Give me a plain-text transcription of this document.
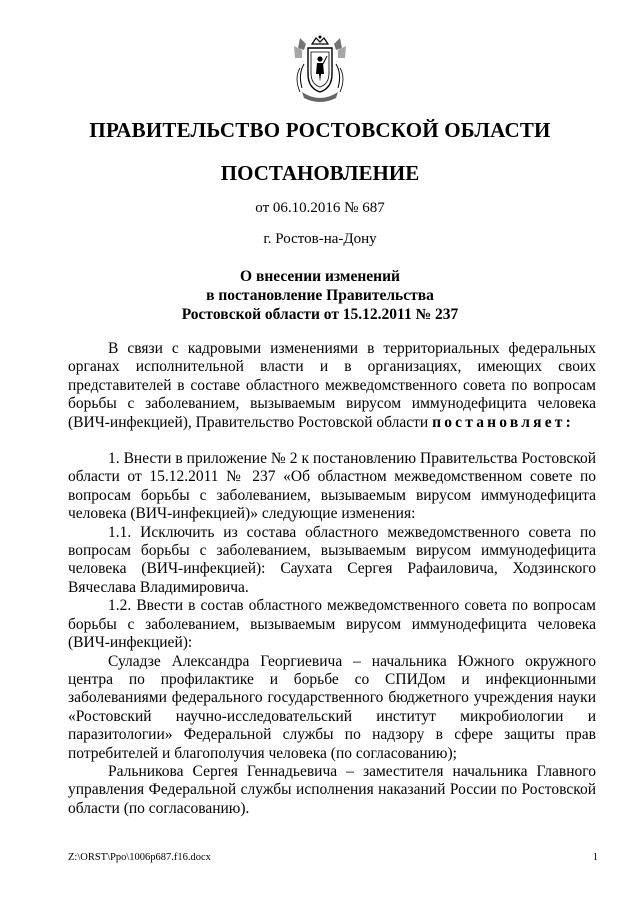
ПРАВИТЕЛЬСТВО РОСТОВСКОЙ ОБЛАСТИ
ПОСТАНОВЛЕНИЕ
от 06.10.2016 № 687
г. Ростов-на-Дону
О внесении изменений
в постановление Правительства
Ростовской области от 15.12.2011 № 237

В связи с кадровыми изменениями в территориальных федеральных органах исполнительной власти и в организациях, имеющих своих представителей в составе областного межведомственного совета по вопросам борьбы с заболеванием, вызываемым вирусом иммунодефицита человека (ВИЧ-инфекцией), Правительство Ростовской области постановляет:

1. Внести в приложение № 2 к постановлению Правительства Ростовской области от 15.12.2011 № 237 «Об областном межведомственном совете по вопросам борьбы с заболеванием, вызываемым вирусом иммунодефицита человека (ВИЧ-инфекцией)» следующие изменения:

1.1. Исключить из состава областного межведомственного совета по вопросам борьбы с заболеванием, вызываемым вирусом иммунодефицита человека (ВИЧ-инфекцией): Саухата Сергея Рафаиловича, Ходзинского Вячеслава Владимировича.

1.2. Ввести в состав областного межведомственного совета по вопросам борьбы с заболеванием, вызываемым вирусом иммунодефицита человека (ВИЧ-инфекцией):

Суладзе Александра Георгиевича – начальника Южного окружного центра по профилактике и борьбе со СПИДом и инфекционными заболеваниями федерального государственного бюджетного учреждения науки «Ростовский научно-исследовательский институт микробиологии и паразитологии» Федеральной службы по надзору в сфере защиты прав потребителей и благополучия человека (по согласованию);

Ральникова Сергея Геннадьевича – заместителя начальника Главного управления Федеральной службы исполнения наказаний России по Ростовской области (по согласованию).

Z:\ORST\Ppo\1006p687.f16.docx	1
